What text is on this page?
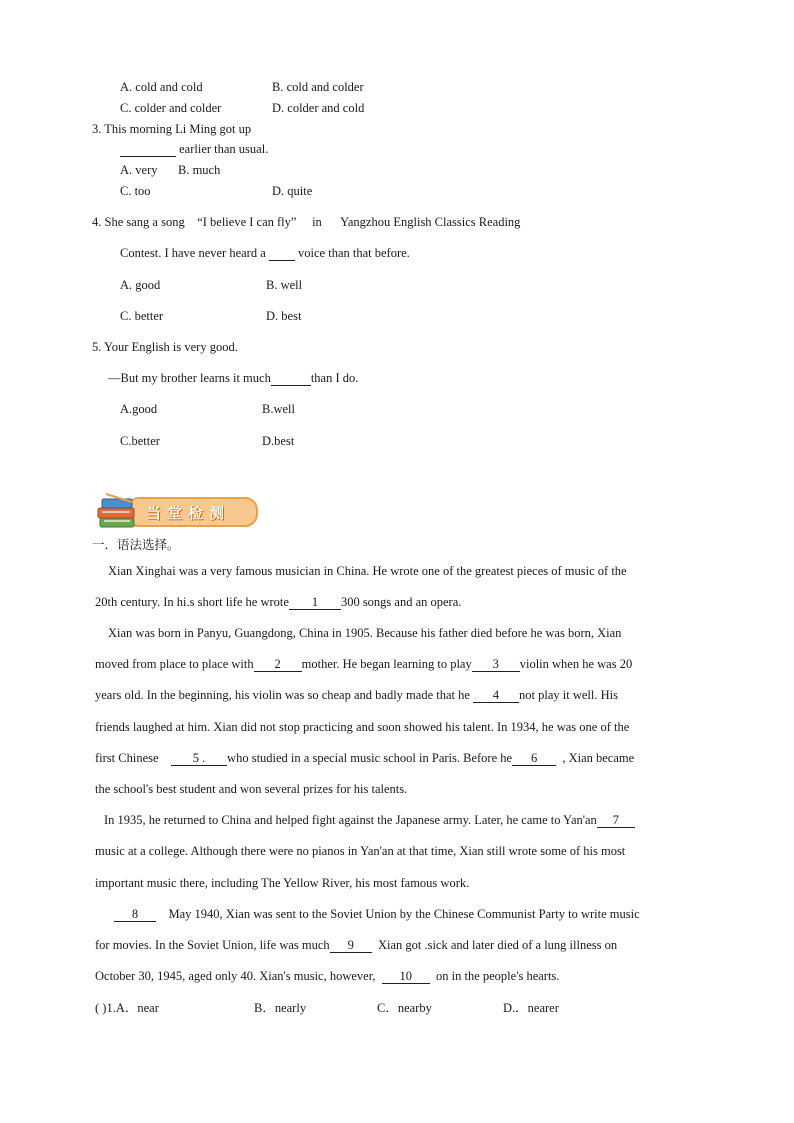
A. cold and cold	B. cold and colder
C. colder and colder	D. colder and cold
3. This morning Li Ming got up
earlier than usual.
A. very B. much
C. too	D. quite
4. She sang a song “I believe I can fly” in Yangzhou English Classics Reading
Contest. I have never heard a	voice than that before.
A. good	B. well
C. better	D. best
5. Your English is very good.
—But my brother learns it much	than I do.
A.good	B.well
C.better	D.best
当堂检测
一．语法选择。
Xian Xinghai was a very famous musician in China. He wrote one of the greatest pieces of music of the
20th century. In hi.s short life he wrote 1 300 songs and an opera.
Xian was born in Panyu, Guangdong, China in 1905. Because his father died before he was born, Xian
moved from place to place with 2 mother. He began learning to play 3 violin when he was 20
years old. In the beginning, his violin was so cheap and badly made that he 4 not play it well. His
friends laughed at him. Xian did not stop practicing and soon showed his talent. In 1934, he was one of the
first Chinese	5 . who studied in a special music school in Paris. Before he 6 , Xian became
the school's best student and won several prizes for his talents.
In 1935, he returned to China and helped fight against the Japanese army. Later, he came to Yan'an 7
music at a college. Although there were no pianos in Yan'an at that time, Xian still wrote some of his most
important music there, including The Yellow River, his most famous work.
8 May 1940, Xian was sent to the Soviet Union by the Chinese Communist Party to write music
for movies. In the Soviet Union, life was much 9 Xian got .sick and later died of a lung illness on
October 30, 1945, aged only 40. Xian's music, however, 10 on in the people's hearts.
( )1.A．near	B．nearly	C．nearby	D.．nearer
